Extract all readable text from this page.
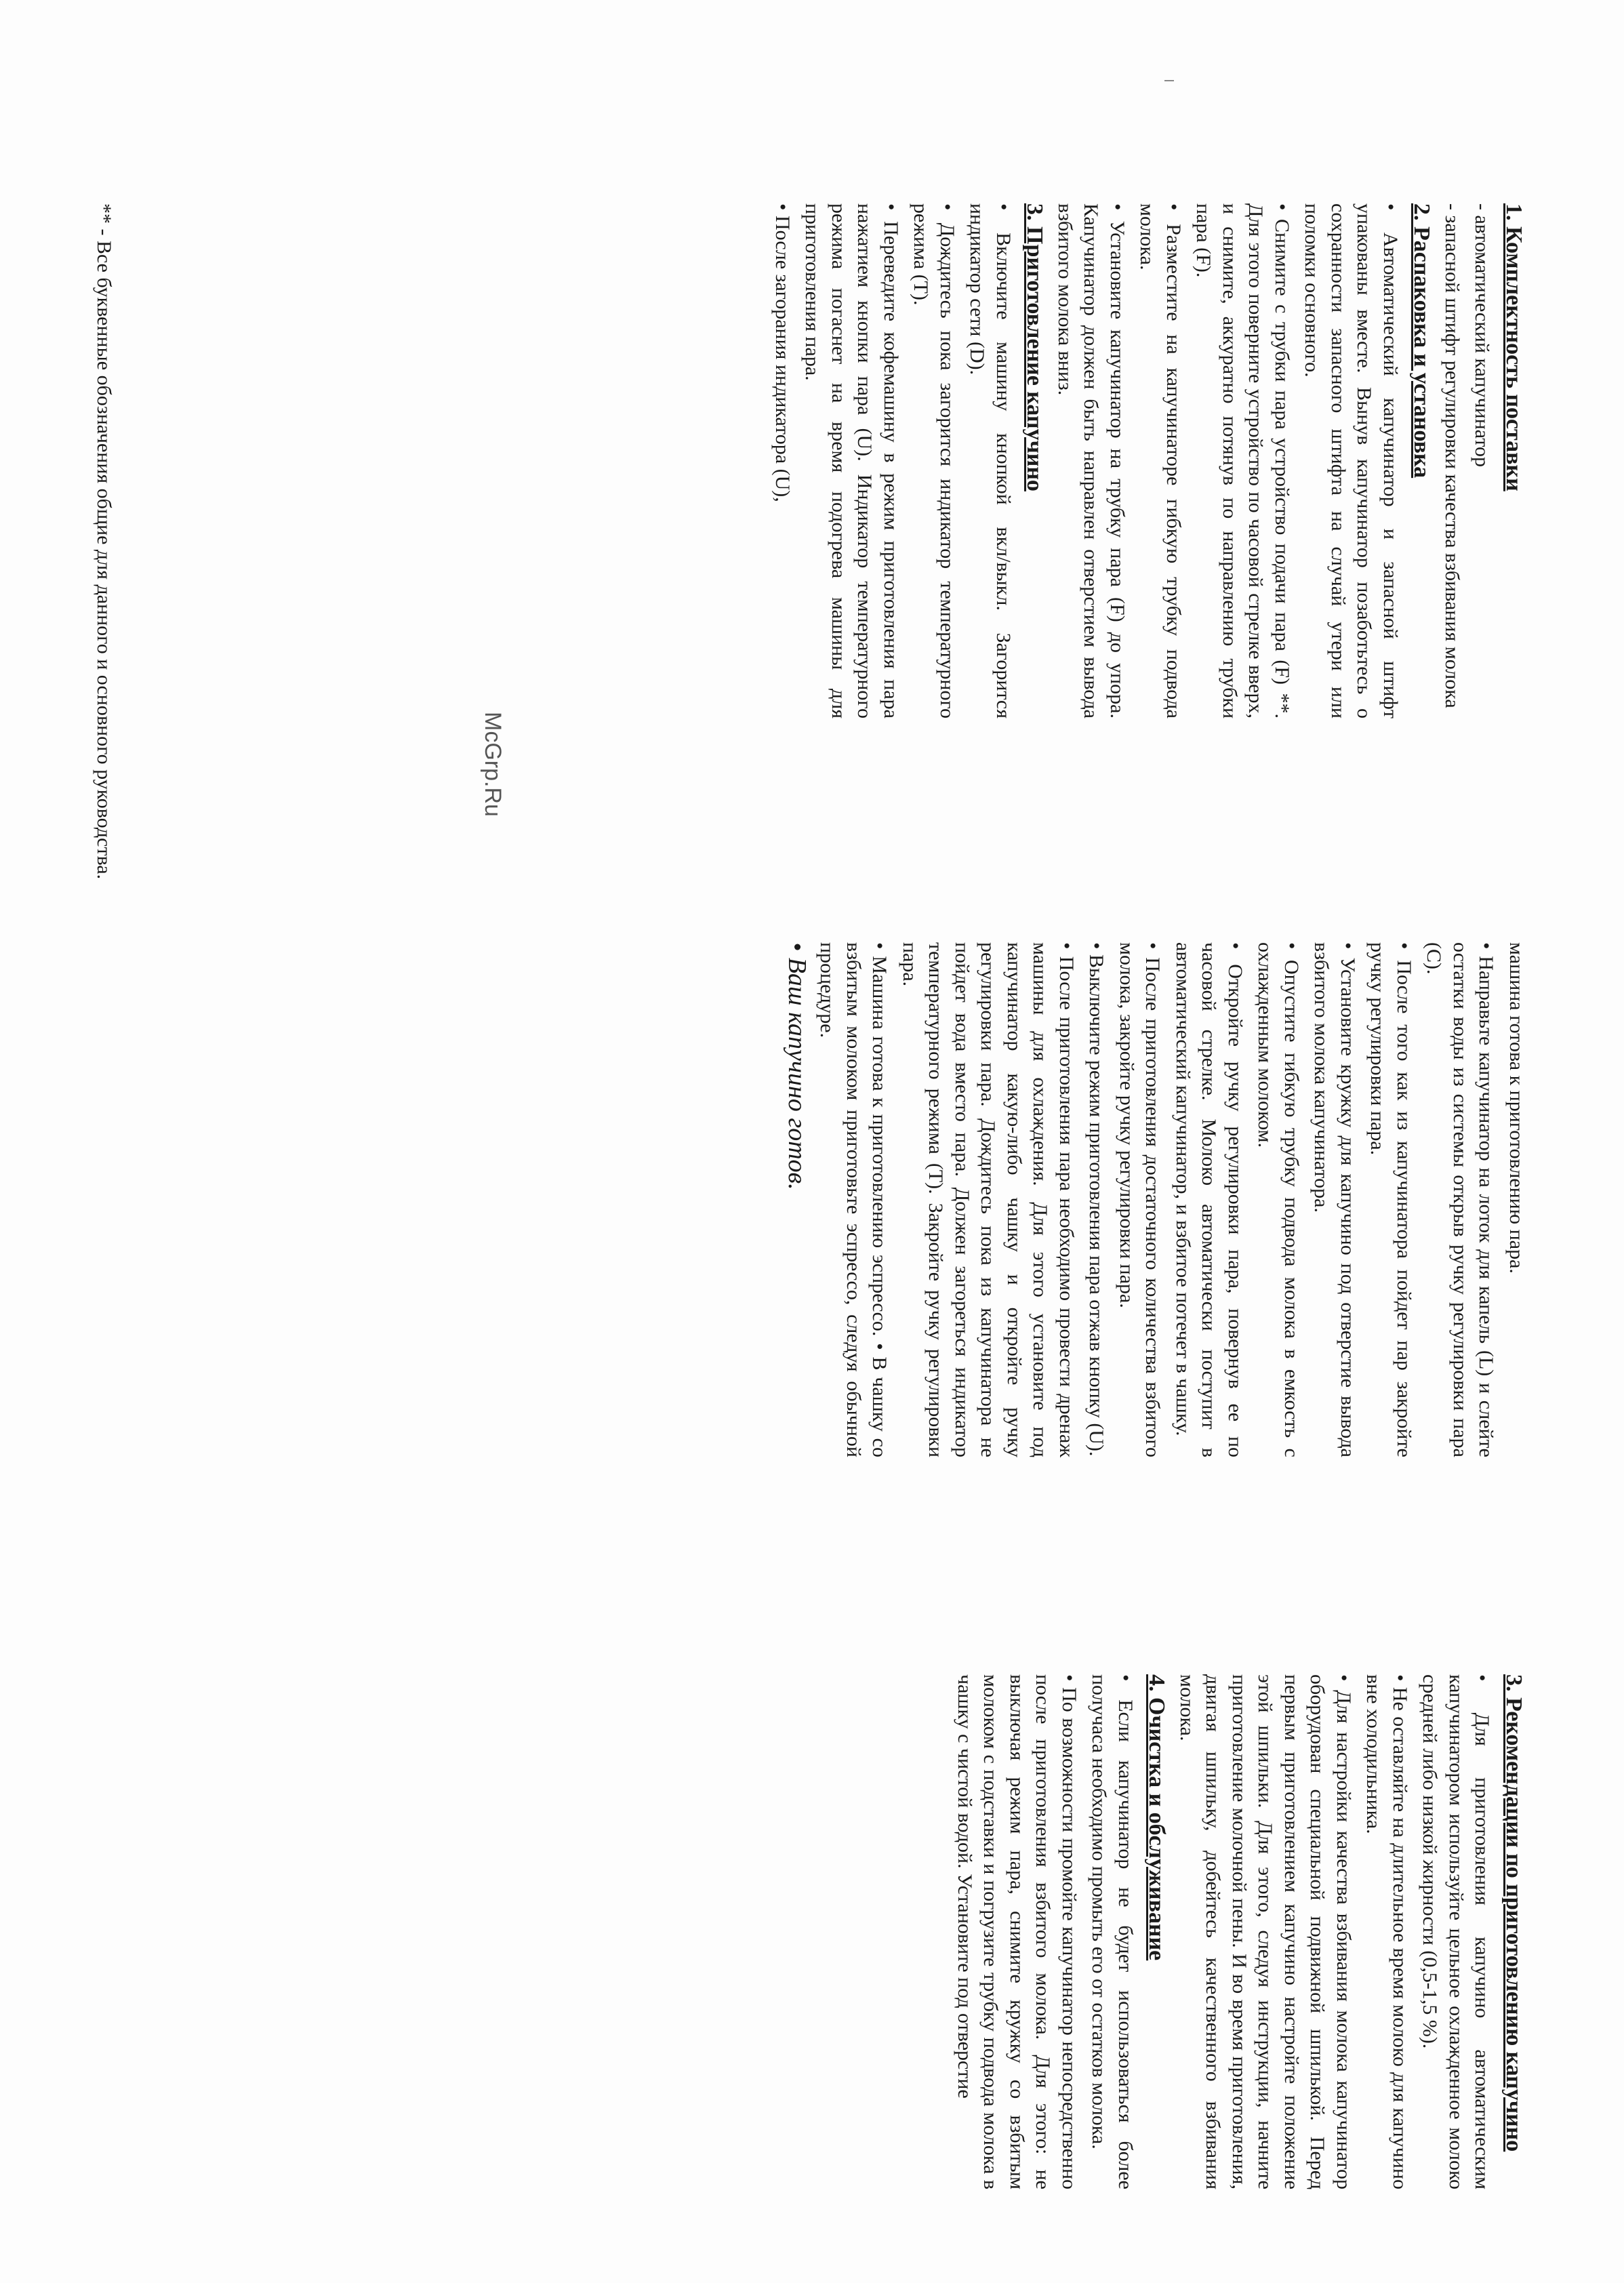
1. Комплектность поставки

- автоматический капучинатор

- запасной штифт регулировки качества взбивания молока

2. Распаковка и установка

• Автоматический капучинатор и запасной штифт упакованы вместе. Вынув капучинатор позаботьтесь о сохранности запасного штифта на случай утери или поломки основного.

• Снимите с трубки пара устройство подачи пара (F) **. Для этого поверните устройство по часовой стрелке вверх, и снимите, аккуратно потянув по направлению трубки пара (F).

• Разместите на капучинаторе гибкую трубку подвода молока.

• Установите капучинатор на трубку пара (F) до упора. Капучинатор должен быть направлен отверстием вывода взбитого молока вниз.

3. Приготовление капучино

• Включите машину кнопкой вкл/выкл. Загорится индикатор сети (D).

• Дождитесь пока загорится индикатор температурного режима (T).

• Переведите кофемашину в режим приготовления пара нажатием кнопки пара (U). Индикатор температурного режима погаснет на время подогрева машины для приготовления пара.

• После загорания индикатора (U),

машина готова к приготовлению пара.

• Направьте капучинатор на лоток для капель (L) и слейте остатки воды из системы открыв ручку регулировки пара (С).

• После того как из капучинатора пойдет пар закройте ручку регулировки пара.

• Установите кружку для капучино под отверстие вывода взбитого молока капучинатора.

• Опустите гибкую трубку подвода молока в емкость с охлажденным молоком.

• Откройте ручку регулировки пара, повернув ее по часовой стрелке. Молоко автоматически поступит в автоматический капучинатор, и взбитое потечет в чашку.

• После приготовления достаточного количества взбитого молока, закройте ручку регулировки пара.

• Выключите режим приготовления пара отжав кнопку (U).

• После приготовления пара необходимо провести дренаж машины для охлаждения. Для этого установите под капучинатор какую-либо чашку и откройте ручку регулировки пара. Дождитесь пока из капучинатора не пойдет вода вместо пара. Должен загореться индикатор температурного режима (T). Закройте ручку регулировки пара.

• Машина готова к приготовлению эспрессо. • В чашку со взбитым молоком приготовьте эспрессо, следуя обычной процедуре.

• Ваш капучино готов.

3. Рекомендации по приготовлению капучино

• Для приготовления капучино автоматическим капучинатором используйте цельное охлажденное молоко средней либо низкой жирности (0,5-1,5 %).

• Не оставляйте на длительное время молоко для капучино вне холодильника.

• Для настройки качества взбивания молока капучинатор оборудован специальной подвижной шпилькой. Перед первым приготовлением капучино настройте положение этой шпильки. Для этого, следуя инструкции, начните приготовление молочной пены. И во время приготовления, двигая шпильку, добейтесь качественного взбивания молока.

4. Очистка и обслуживание

• Если капучинатор не будет использоваться более получаса необходимо промыть его от остатков молока.

• По возможности промойте капучинатор непосредственно после приготовления взбитого молока. Для этого: не выключая режим пара, снимите кружку со взбитым молоком с подставки и погрузите трубку подвода молока в чашку с чистой водой. Установите под отверстие

** - Все буквенные обозначения общие для данного и основного руководства.	McGrp.Ru
